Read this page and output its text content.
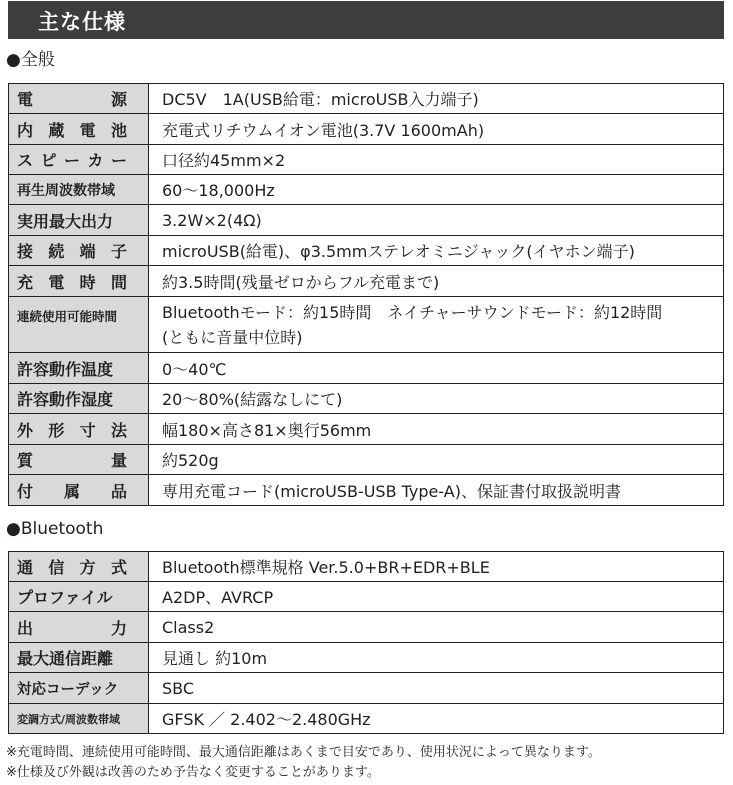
主な仕様
●全般
電 源	DC5V　1A(USB給電：microUSB入力端子)

内 蔵 電 池	充電式リチウムイオン電池(3.7V 1600mAh)

ス ピ ー カ ー	口径約45mm×2
再生周波数帯域	60〜18,000Hz
実用最大出力	3.2W×2(4Ω)

接 続 端 子	microUSB(給電)、φ3.5mmステレオミニジャック(イヤホン端子)

充 電 時 間	約3.5時間(残量ゼロからフル充電まで)
連続使用可能時間	Bluetoothモード：約15時間　ネイチャーサウンドモード：約12時間
(ともに音量中位時)

許容動作温度	0〜40℃
許容動作湿度	20〜80%(結露なしにて)

外 形 寸 法	幅180×高さ81×奥行56mm

質 量	約520g

付 属 品	専用充電コード(microUSB-USB Type-A)、保証書付取扱説明書
●Bluetooth
通 信 方 式	Bluetooth標準規格 Ver.5.0+BR+EDR+BLE
プロファイル	A2DP、AVRCP

出 力	Class2
最大通信距離	見通し 約10m
対応コーデック	SBC
変調方式/周波数帯域	GFSK ／ 2.402〜2.480GHz
※充電時間、連続使用可能時間、最大通信距離はあくまで目安であり、使用状況によって異なります。
※仕様及び外観は改善のため予告なく変更することがあります。
